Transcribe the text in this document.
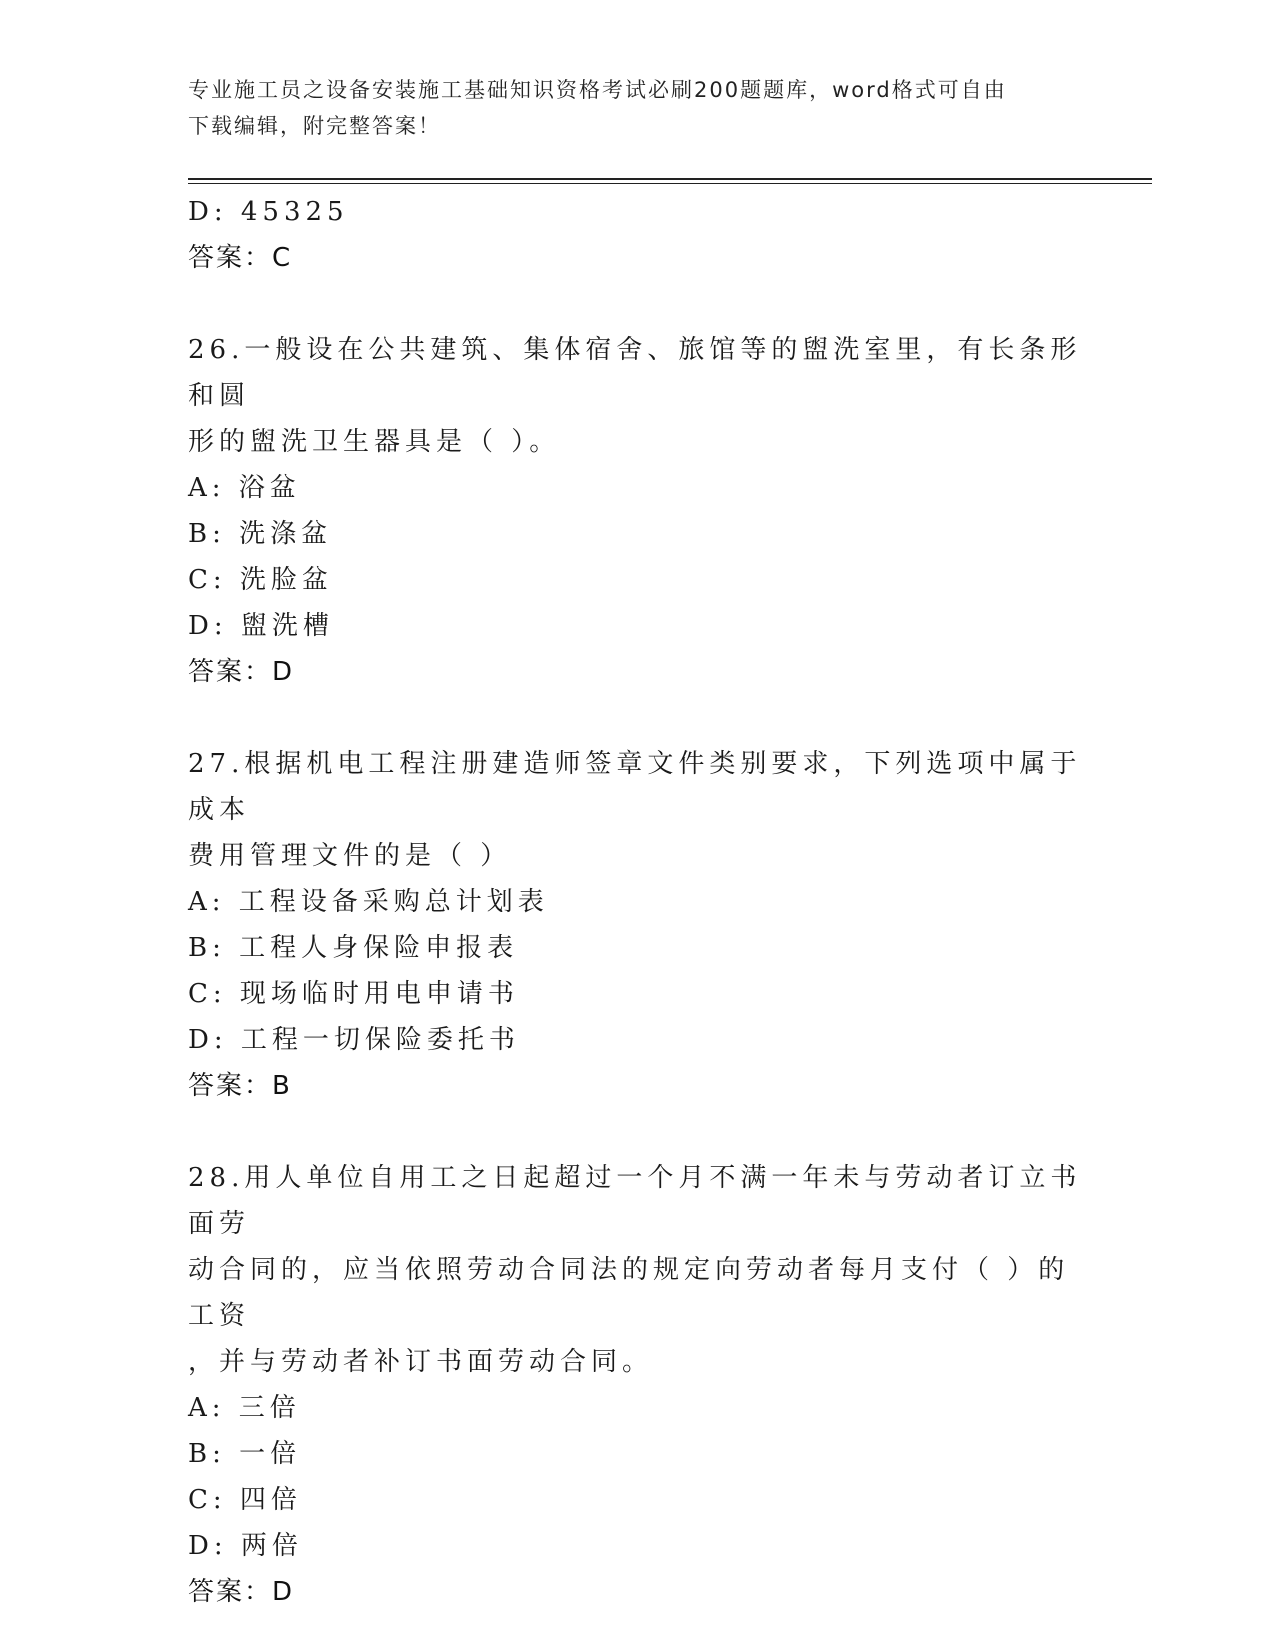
专业施工员之设备安装施工基础知识资格考试必刷200题题库，word格式可自由
下载编辑，附完整答案！
D: 45325
答案：C
26.一般设在公共建筑、集体宿舍、旅馆等的盥洗室里，有长条形和圆
形的盥洗卫生器具是（ ）。
A: 浴盆
B: 洗涤盆
C: 洗脸盆
D: 盥洗槽
答案：D
27.根据机电工程注册建造师签章文件类别要求，下列选项中属于成本
费用管理文件的是（ ）
A: 工程设备采购总计划表
B: 工程人身保险申报表
C: 现场临时用电申请书
D: 工程一切保险委托书
答案：B
28.用人单位自用工之日起超过一个月不满一年未与劳动者订立书面劳
动合同的，应当依照劳动合同法的规定向劳动者每月支付（ ）的工资
，并与劳动者补订书面劳动合同。
A: 三倍
B: 一倍
C: 四倍
D: 两倍
答案：D
